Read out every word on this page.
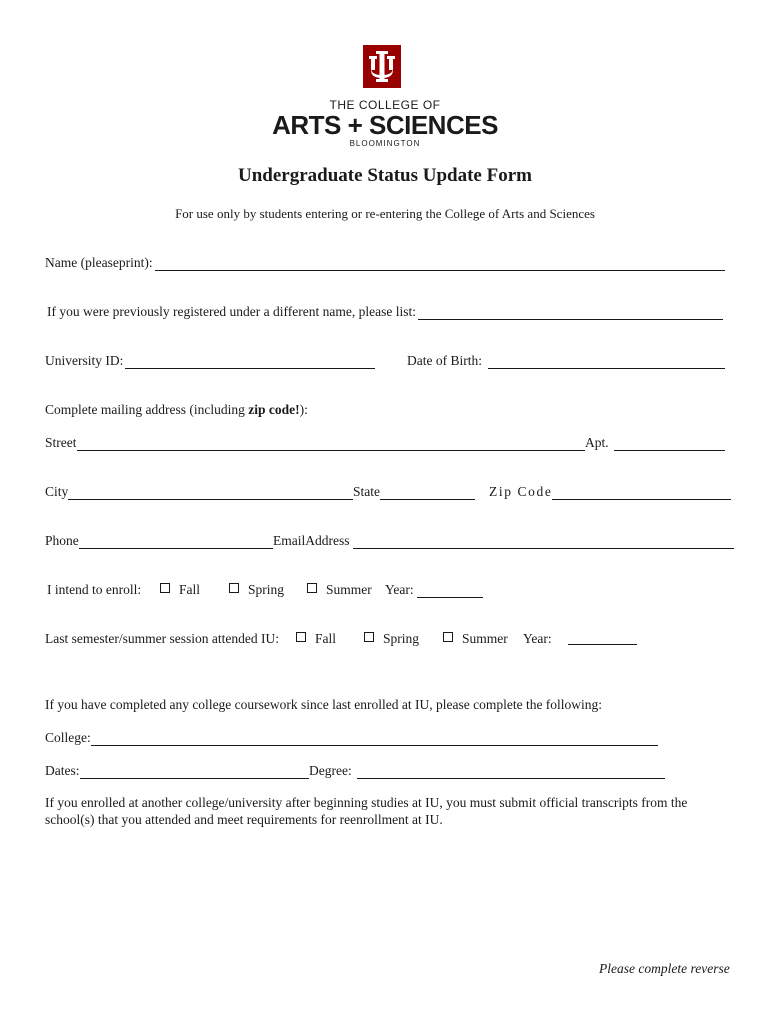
THE COLLEGE OF
ARTS + SCIENCES
BLOOMINGTON
Undergraduate Status Update Form
For use only by students entering or re-entering the College of Arts and Sciences
Name (pleaseprint):
If you were previously registered under a different name, please list:
University ID:	Date of Birth:
Complete mailing address (including zip code!):
Street	Apt.
City	State	Zip Code
Phone	EmailAddress
I intend to enroll:	Fall	Spring	Summer Year:
Last semester/summer session attended IU:	Fall	Spring	Summer Year:
If you have completed any college coursework since last enrolled at IU, please complete the following:
College:
Dates:	Degree:
If you enrolled at another college/university after beginning studies at IU, you must submit official transcripts from the
school(s) that you attended and meet requirements for reenrollment at IU.
Please complete reverse
